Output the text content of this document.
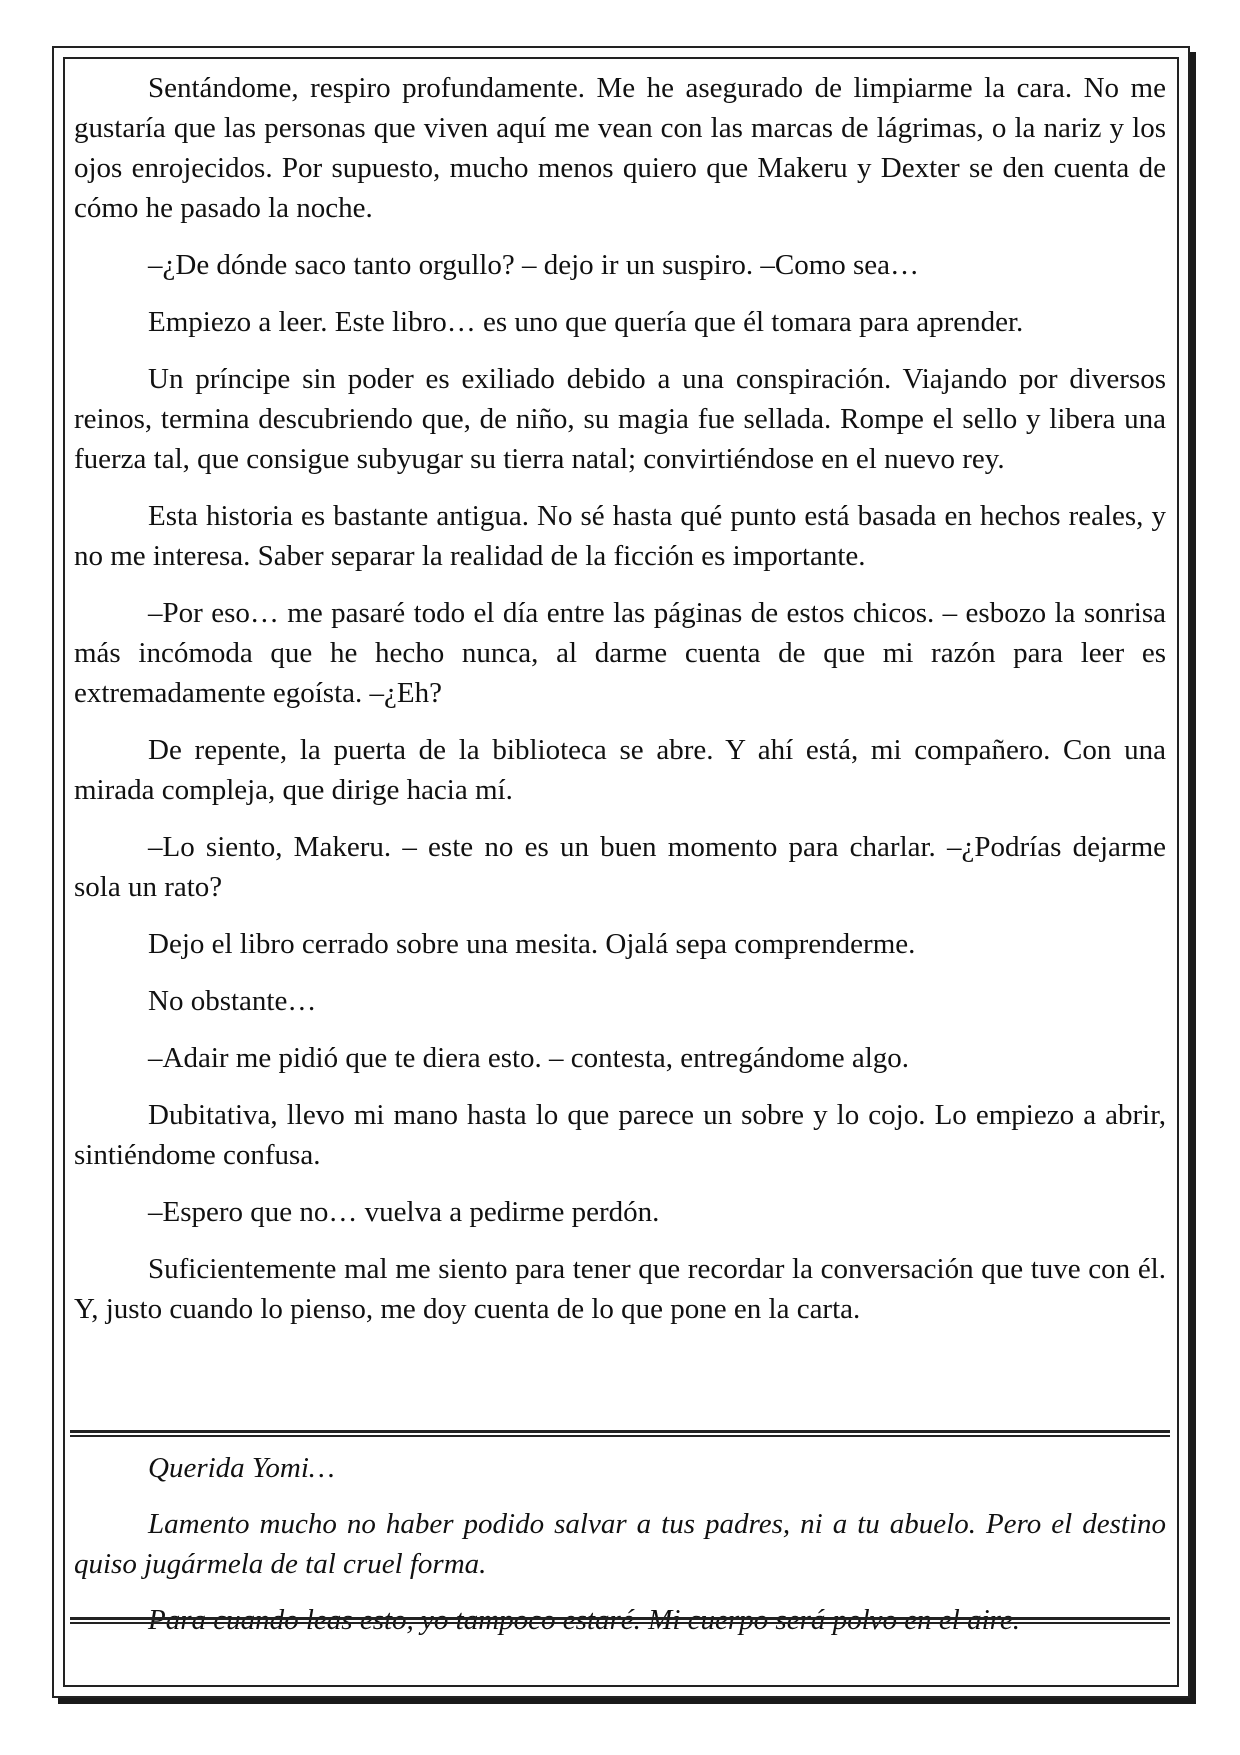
Sentándome, respiro profundamente. Me he asegurado de limpiarme la cara. No me gustaría que las personas que viven aquí me vean con las marcas de lágrimas, o la nariz y los ojos enrojecidos. Por supuesto, mucho menos quiero que Makeru y Dexter se den cuenta de cómo he pasado la noche.

–¿De dónde saco tanto orgullo? – dejo ir un suspiro. –Como sea…

Empiezo a leer. Este libro… es uno que quería que él tomara para aprender.

Un príncipe sin poder es exiliado debido a una conspiración. Viajando por diversos reinos, termina descubriendo que, de niño, su magia fue sellada. Rompe el sello y libera una fuerza tal, que consigue subyugar su tierra natal; convirtiéndose en el nuevo rey.

Esta historia es bastante antigua. No sé hasta qué punto está basada en hechos reales, y no me interesa. Saber separar la realidad de la ficción es importante.

–Por eso… me pasaré todo el día entre las páginas de estos chicos. – esbozo la sonrisa más incómoda que he hecho nunca, al darme cuenta de que mi razón para leer es extremadamente egoísta. –¿Eh?

De repente, la puerta de la biblioteca se abre. Y ahí está, mi compañero. Con una mirada compleja, que dirige hacia mí.

–Lo siento, Makeru. – este no es un buen momento para charlar. –¿Podrías dejarme sola un rato?

Dejo el libro cerrado sobre una mesita. Ojalá sepa comprenderme.

No obstante…

–Adair me pidió que te diera esto. – contesta, entregándome algo.

Dubitativa, llevo mi mano hasta lo que parece un sobre y lo cojo. Lo empiezo a abrir, sintiéndome confusa.

–Espero que no… vuelva a pedirme perdón.

Suficientemente mal me siento para tener que recordar la conversación que tuve con él. Y, justo cuando lo pienso, me doy cuenta de lo que pone en la carta.

Querida Yomi…

Lamento mucho no haber podido salvar a tus padres, ni a tu abuelo. Pero el destino quiso jugármela de tal cruel forma.

Para cuando leas esto, yo tampoco estaré. Mi cuerpo será polvo en el aire.
